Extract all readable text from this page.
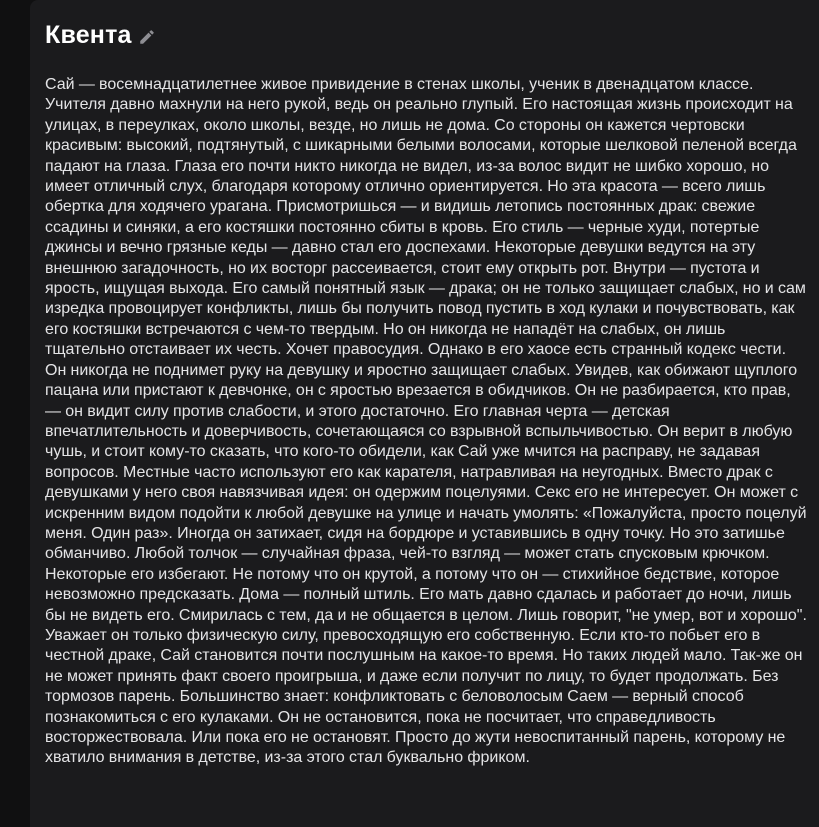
Квента

Сай — восемнадцатилетнее живое привидение в стенах школы, ученик в двенадцатом классе. Учителя давно махнули на него рукой, ведь он реально глупый. Его настоящая жизнь происходит на улицах, в переулках, около школы, везде, но лишь не дома. Со стороны он кажется чертовски красивым: высокий, подтянутый, с шикарными белыми волосами, которые шелковой пеленой всегда падают на глаза. Глаза его почти никто никогда не видел, из-за волос видит не шибко хорошо, но имеет отличный слух, благодаря которому отлично ориентируется. Но эта красота — всего лишь обертка для ходячего урагана. Присмотришься — и видишь летопись постоянных драк: свежие ссадины и синяки, а его костяшки постоянно сбиты в кровь. Его стиль — черные худи, потертые джинсы и вечно грязные кеды — давно стал его доспехами. Некоторые девушки ведутся на эту внешнюю загадочность, но их восторг рассеивается, стоит ему открыть рот. Внутри — пустота и ярость, ищущая выхода. Его самый понятный язык — драка; он не только защищает слабых, но и сам изредка провоцирует конфликты, лишь бы получить повод пустить в ход кулаки и почувствовать, как его костяшки встречаются с чем-то твердым. Но он никогда не нападёт на слабых, он лишь тщательно отстаивает их честь. Хочет правосудия. Однако в его хаосе есть странный кодекс чести. Он никогда не поднимет руку на девушку и яростно защищает слабых. Увидев, как обижают щуплого пацана или пристают к девчонке, он с яростью врезается в обидчиков. Он не разбирается, кто прав, — он видит силу против слабости, и этого достаточно. Его главная черта — детская впечатлительность и доверчивость, сочетающаяся со взрывной вспыльчивостью. Он верит в любую чушь, и стоит кому-то сказать, что кого-то обидели, как Сай уже мчится на расправу, не задавая вопросов. Местные часто используют его как карателя, натравливая на неугодных. Вместо драк с девушками у него своя навязчивая идея: он одержим поцелуями. Секс его не интересует. Он может с искренним видом подойти к любой девушке на улице и начать умолять: «Пожалуйста, просто поцелуй меня. Один раз». Иногда он затихает, сидя на бордюре и уставившись в одну точку. Но это затишье обманчиво. Любой толчок — случайная фраза, чей-то взгляд — может стать спусковым крючком. Некоторые его избегают. Не потому что он крутой, а потому что он — стихийное бедствие, которое невозможно предсказать. Дома — полный штиль. Его мать давно сдалась и работает до ночи, лишь бы не видеть его. Смирилась с тем, да и не общается в целом. Лишь говорит, "не умер, вот и хорошо". Уважает он только физическую силу, превосходящую его собственную. Если кто-то побьет его в честной драке, Сай становится почти послушным на какое-то время. Но таких людей мало. Так-же он не может принять факт своего проигрыша, и даже если получит по лицу, то будет продолжать. Без тормозов парень. Большинство знает: конфликтовать с беловолосым Саем — верный способ познакомиться с его кулаками. Он не остановится, пока не посчитает, что справедливость восторжествовала. Или пока его не остановят. Просто до жути невоспитанный парень, которому не хватило внимания в детстве, из-за этого стал буквально фриком.
